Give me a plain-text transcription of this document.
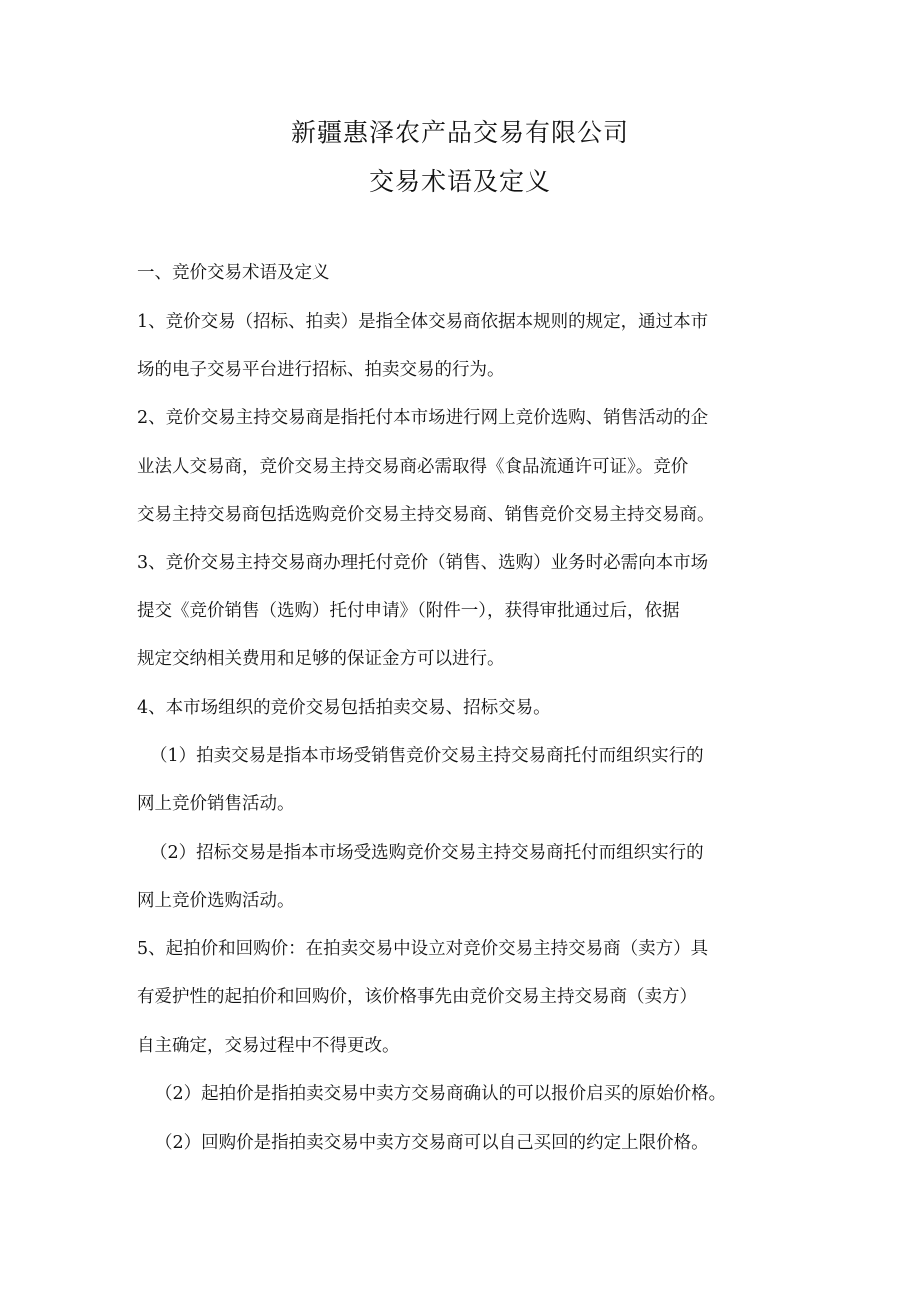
新疆惠泽农产品交易有限公司
交易术语及定义
一、竞价交易术语及定义
1、竞价交易（招标、拍卖）是指全体交易商依据本规则的规定，通过本市
场的电子交易平台进行招标、拍卖交易的行为。
2、竞价交易主持交易商是指托付本市场进行网上竞价选购、销售活动的企
业法人交易商，竞价交易主持交易商必需取得《食品流通许可证》。竞价
交易主持交易商包括选购竞价交易主持交易商、销售竞价交易主持交易商。
3、竞价交易主持交易商办理托付竞价（销售、选购）业务时必需向本市场
提交《竞价销售（选购）托付申请》（附件一），获得审批通过后，依据
规定交纳相关费用和足够的保证金方可以进行。
4、本市场组织的竞价交易包括拍卖交易、招标交易。
（1）拍卖交易是指本市场受销售竞价交易主持交易商托付而组织实行的
网上竞价销售活动。
（2）招标交易是指本市场受选购竞价交易主持交易商托付而组织实行的
网上竞价选购活动。
5、起拍价和回购价：在拍卖交易中设立对竞价交易主持交易商（卖方）具
有爱护性的起拍价和回购价，该价格事先由竞价交易主持交易商（卖方）
自主确定，交易过程中不得更改。
（2）起拍价是指拍卖交易中卖方交易商确认的可以报价启买的原始价格。
（2）回购价是指拍卖交易中卖方交易商可以自己买回的约定上限价格。
